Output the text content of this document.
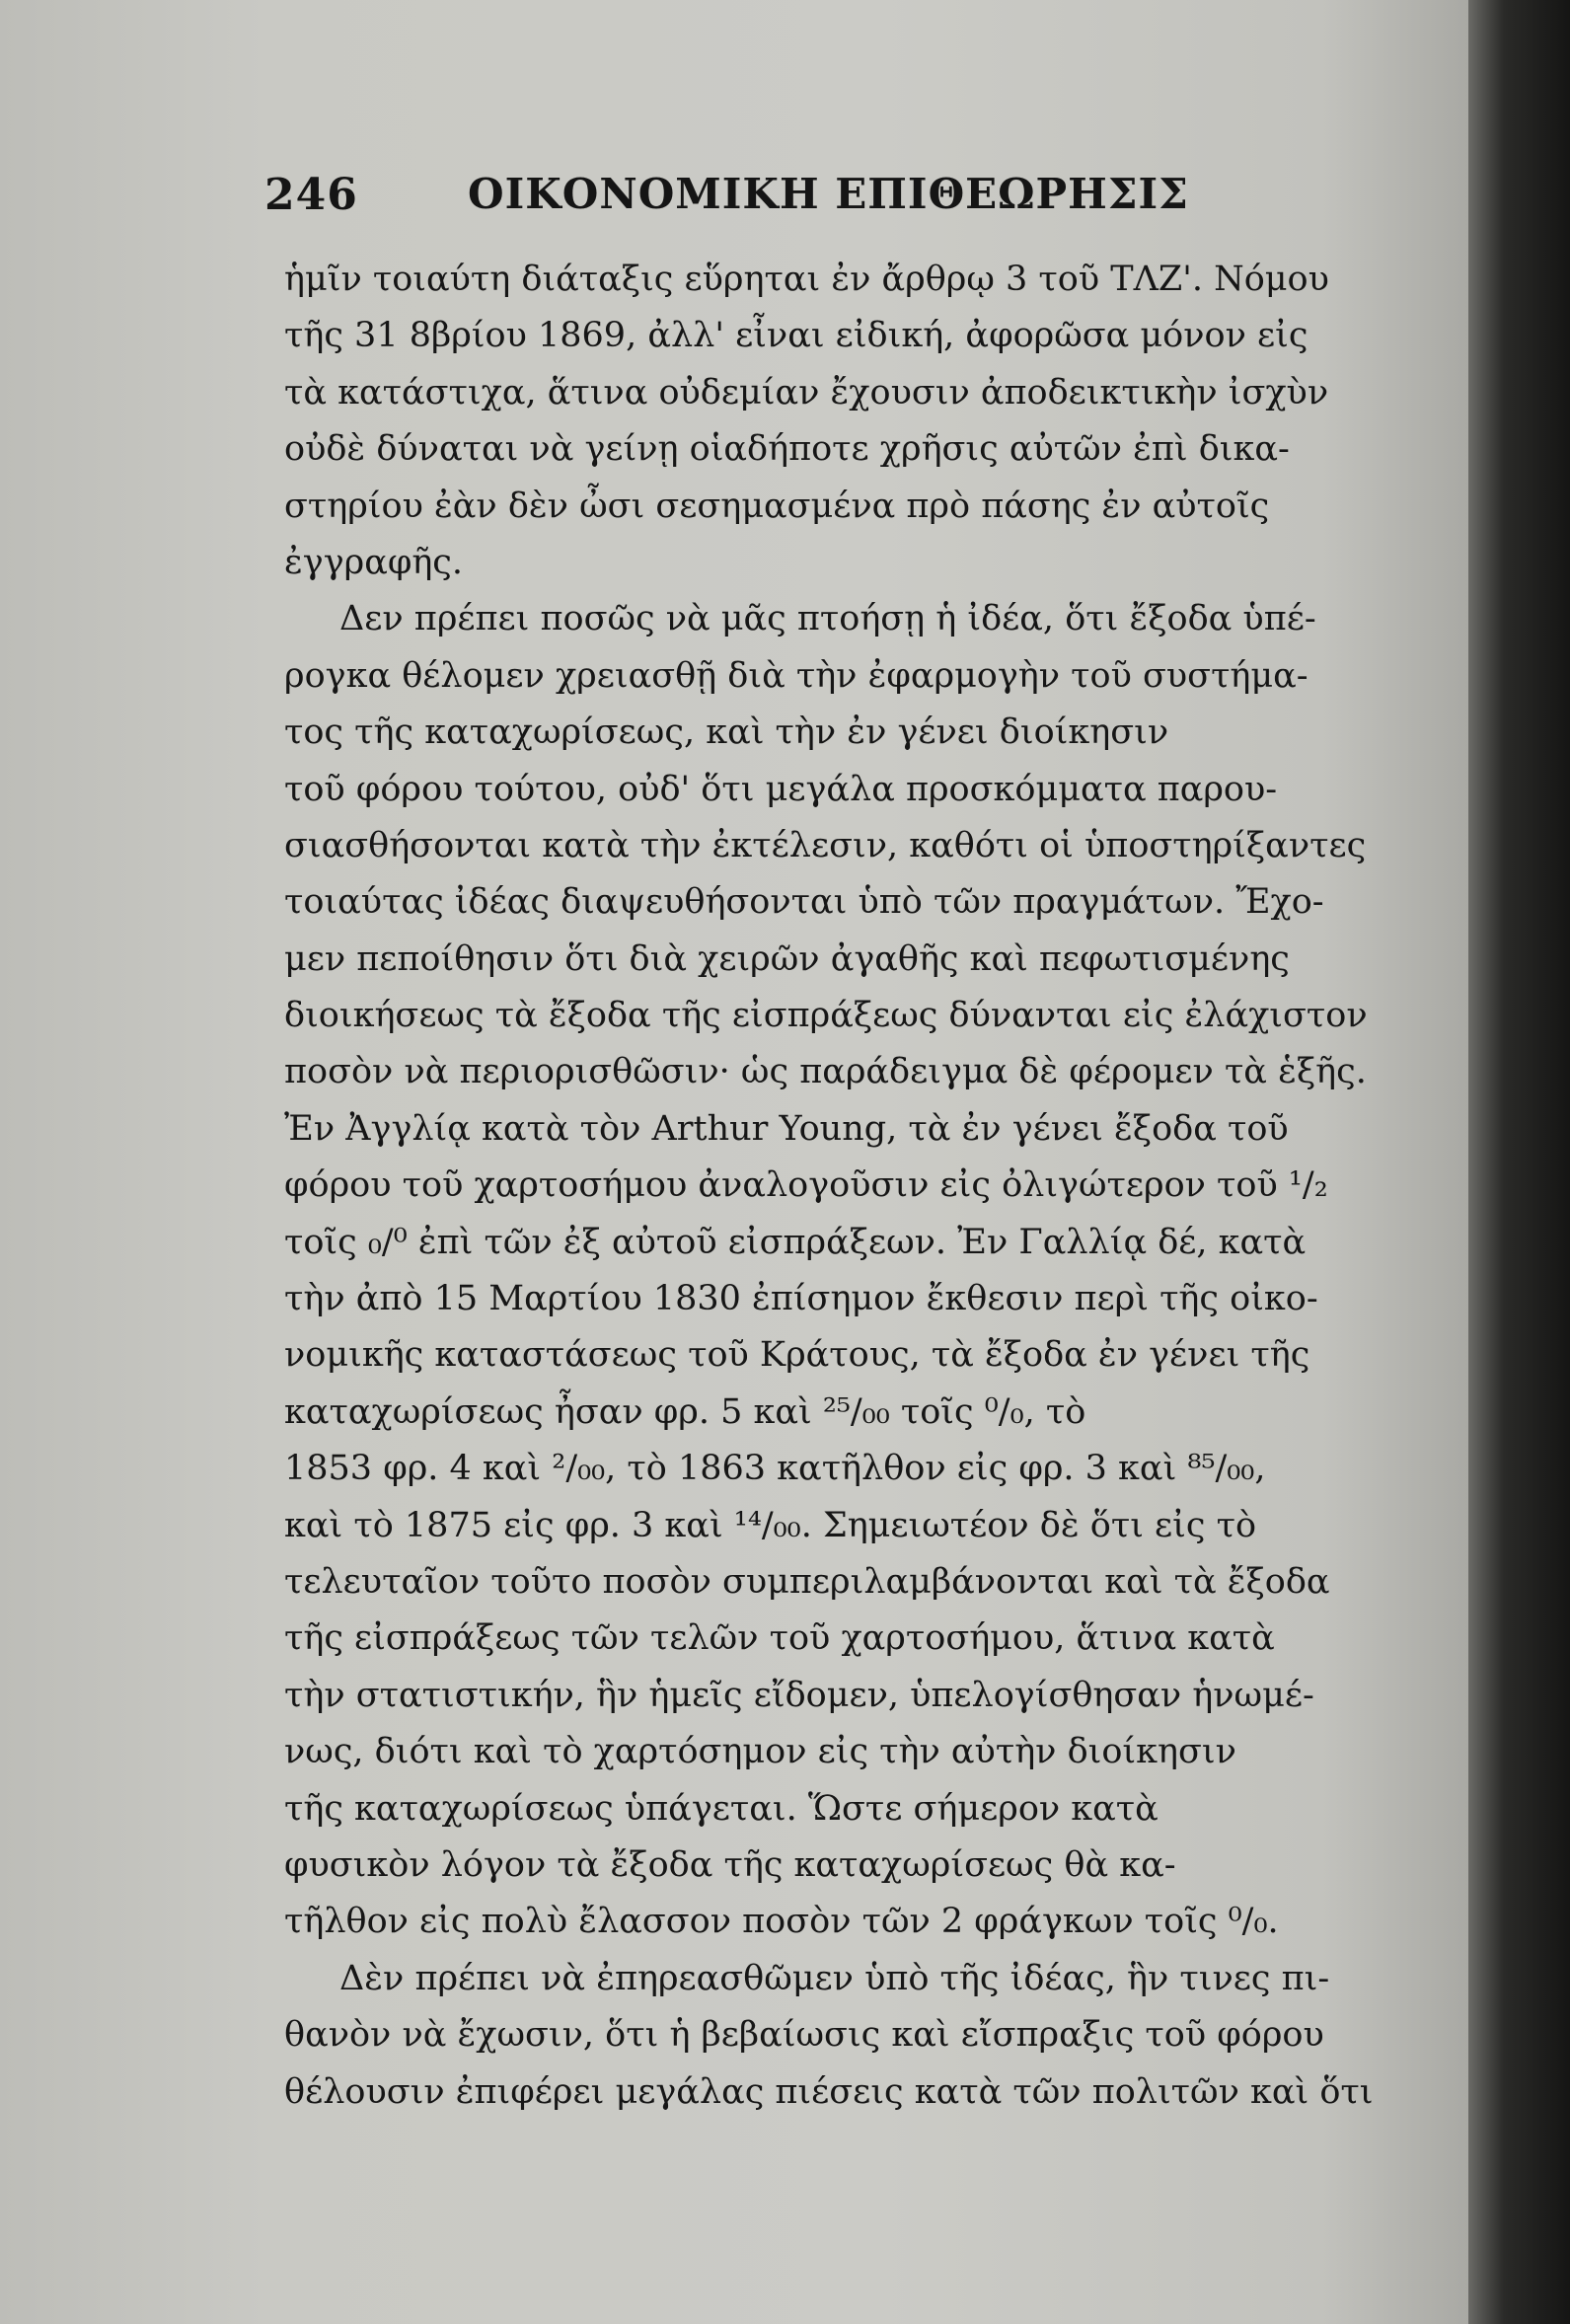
246	ΟΙΚΟΝΟΜΙΚΗ ΕΠΙΘΕΩΡΗΣΙΣ
ἡμῖν τοιαύτη διάταξις εὕρηται ἐν ἄρθρῳ 3 τοῦ ΤΛΖ'. Νόμου
τῆς 31 8βρίου 1869, ἀλλ' εἶναι εἰδική, ἀφορῶσα μόνον εἰς
τὰ κατάστιχα, ἅτινα οὐδεμίαν ἔχουσιν ἀποδεικτικὴν ἰσχὺν
οὐδὲ δύναται νὰ γείνῃ οἱαδήποτε χρῆσις αὐτῶν ἐπὶ δικα-
στηρίου ἐὰν δὲν ὦσι σεσημασμένα πρὸ πάσης ἐν αὐτοῖς
ἐγγραφῆς.
Δεν πρέπει ποσῶς νὰ μᾶς πτοήσῃ ἡ ἰδέα, ὅτι ἔξοδα ὑπέ-
ρογκα θέλομεν χρειασθῇ διὰ τὴν ἐφαρμογὴν τοῦ συστήμα-
τος τῆς καταχωρίσεως, καὶ τὴν ἐν γένει διοίκησιν
τοῦ φόρου τούτου, οὐδ' ὅτι μεγάλα προσκόμματα παρου-
σιασθήσονται κατὰ τὴν ἐκτέλεσιν, καθότι οἱ ὑποστηρίξαντες
τοιαύτας ἰδέας διαψευθήσονται ὑπὸ τῶν πραγμάτων. Ἔχο-
μεν πεποίθησιν ὅτι διὰ χειρῶν ἀγαθῆς καὶ πεφωτισμένης
διοικήσεως τὰ ἔξοδα τῆς εἰσπράξεως δύνανται εἰς ἐλάχιστον
ποσὸν νὰ περιορισθῶσιν· ὡς παράδειγμα δὲ φέρομεν τὰ ἑξῆς.
Ἐν Ἀγγλίᾳ κατὰ τὸν Arthur Young, τὰ ἐν γένει ἔξοδα τοῦ
φόρου τοῦ χαρτοσήμου ἀναλογοῦσιν εἰς ὀλιγώτερον τοῦ ¹/₂
τοῖς ₀/⁰ ἐπὶ τῶν ἐξ αὐτοῦ εἰσπράξεων. Ἐν Γαλλίᾳ δέ, κατὰ
τὴν ἀπὸ 15 Μαρτίου 1830 ἐπίσημον ἔκθεσιν περὶ τῆς οἰκο-
νομικῆς καταστάσεως τοῦ Κράτους, τὰ ἔξοδα ἐν γένει τῆς
καταχωρίσεως ἦσαν φρ. 5 καὶ ²⁵/₀₀ τοῖς ⁰/₀, τὸ
1853 φρ. 4 καὶ ²/₀₀, τὸ 1863 κατῆλθον εἰς φρ. 3 καὶ ⁸⁵/₀₀,
καὶ τὸ 1875 εἰς φρ. 3 καὶ ¹⁴/₀₀. Σημειωτέον δὲ ὅτι εἰς τὸ
τελευταῖον τοῦτο ποσὸν συμπεριλαμβάνονται καὶ τὰ ἔξοδα
τῆς εἰσπράξεως τῶν τελῶν τοῦ χαρτοσήμου, ἅτινα κατὰ
τὴν στατιστικήν, ἣν ἡμεῖς εἴδομεν, ὑπελογίσθησαν ἡνωμέ-
νως, διότι καὶ τὸ χαρτόσημον εἰς τὴν αὐτὴν διοίκησιν
τῆς καταχωρίσεως ὑπάγεται. Ὥστε σήμερον κατὰ
φυσικὸν λόγον τὰ ἔξοδα τῆς καταχωρίσεως θὰ κα-
τῆλθον εἰς πολὺ ἔλασσον ποσὸν τῶν 2 φράγκων τοῖς ⁰/₀.
Δὲν πρέπει νὰ ἐπηρεασθῶμεν ὑπὸ τῆς ἰδέας, ἣν τινες πι-
θανὸν νὰ ἔχωσιν, ὅτι ἡ βεβαίωσις καὶ εἴσπραξις τοῦ φόρου
θέλουσιν ἐπιφέρει μεγάλας πιέσεις κατὰ τῶν πολιτῶν καὶ ὅτι
